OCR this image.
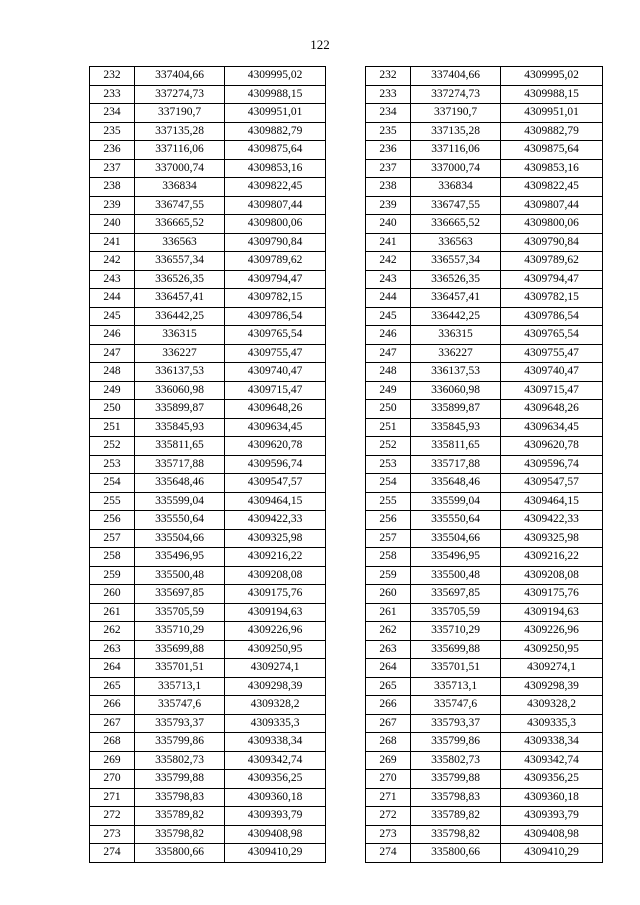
122
232	337404,66	4309995,02
233	337274,73	4309988,15
234	337190,7	4309951,01
235	337135,28	4309882,79
236	337116,06	4309875,64
237	337000,74	4309853,16
238	336834	4309822,45
239	336747,55	4309807,44
240	336665,52	4309800,06
241	336563	4309790,84
242	336557,34	4309789,62
243	336526,35	4309794,47
244	336457,41	4309782,15
245	336442,25	4309786,54
246	336315	4309765,54
247	336227	4309755,47
248	336137,53	4309740,47
249	336060,98	4309715,47
250	335899,87	4309648,26
251	335845,93	4309634,45
252	335811,65	4309620,78
253	335717,88	4309596,74
254	335648,46	4309547,57
255	335599,04	4309464,15
256	335550,64	4309422,33
257	335504,66	4309325,98
258	335496,95	4309216,22
259	335500,48	4309208,08
260	335697,85	4309175,76
261	335705,59	4309194,63
262	335710,29	4309226,96
263	335699,88	4309250,95
264	335701,51	4309274,1
265	335713,1	4309298,39
266	335747,6	4309328,2
267	335793,37	4309335,3
268	335799,86	4309338,34
269	335802,73	4309342,74
270	335799,88	4309356,25
271	335798,83	4309360,18
272	335789,82	4309393,79
273	335798,82	4309408,98
274	335800,66	4309410,29
232	337404,66	4309995,02
233	337274,73	4309988,15
234	337190,7	4309951,01
235	337135,28	4309882,79
236	337116,06	4309875,64
237	337000,74	4309853,16
238	336834	4309822,45
239	336747,55	4309807,44
240	336665,52	4309800,06
241	336563	4309790,84
242	336557,34	4309789,62
243	336526,35	4309794,47
244	336457,41	4309782,15
245	336442,25	4309786,54
246	336315	4309765,54
247	336227	4309755,47
248	336137,53	4309740,47
249	336060,98	4309715,47
250	335899,87	4309648,26
251	335845,93	4309634,45
252	335811,65	4309620,78
253	335717,88	4309596,74
254	335648,46	4309547,57
255	335599,04	4309464,15
256	335550,64	4309422,33
257	335504,66	4309325,98
258	335496,95	4309216,22
259	335500,48	4309208,08
260	335697,85	4309175,76
261	335705,59	4309194,63
262	335710,29	4309226,96
263	335699,88	4309250,95
264	335701,51	4309274,1
265	335713,1	4309298,39
266	335747,6	4309328,2
267	335793,37	4309335,3
268	335799,86	4309338,34
269	335802,73	4309342,74
270	335799,88	4309356,25
271	335798,83	4309360,18
272	335789,82	4309393,79
273	335798,82	4309408,98
274	335800,66	4309410,29
